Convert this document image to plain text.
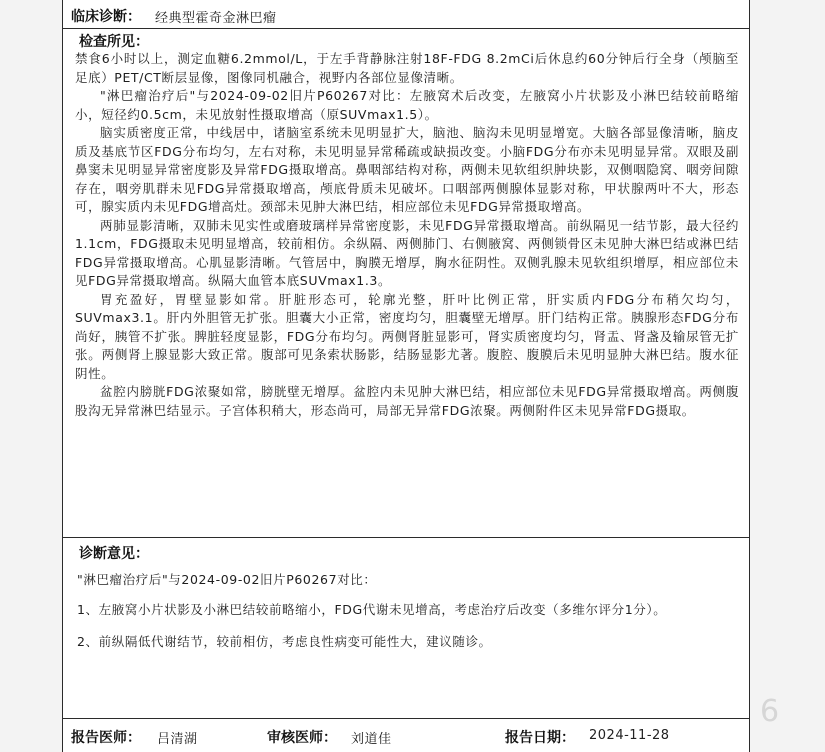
临床诊断： 经典型霍奇金淋巴瘤
检查所见：

禁食6小时以上，测定血糖6.2mmol/L，于左手背静脉注射18F-FDG 8.2mCi后休息约60分钟后行全身（颅脑至足底）PET/CT断层显像，图像同机融合，视野内各部位显像清晰。

"淋巴瘤治疗后"与2024-09-02旧片P60267对比：左腋窝术后改变，左腋窝小片状影及小淋巴结较前略缩小，短径约0.5cm，未见放射性摄取增高（原SUVmax1.5）。

脑实质密度正常，中线居中，诸脑室系统未见明显扩大，脑池、脑沟未见明显增宽。大脑各部显像清晰，脑皮质及基底节区FDG分布均匀，左右对称，未见明显异常稀疏或缺损改变。小脑FDG分布亦未见明显异常。双眼及副鼻窦未见明显异常密度影及异常FDG摄取增高。鼻咽部结构对称，两侧未见软组织肿块影，双侧咽隐窝、咽旁间隙存在，咽旁肌群未见FDG异常摄取增高，颅底骨质未见破坏。口咽部两侧腺体显影对称，甲状腺两叶不大，形态可，腺实质内未见FDG增高灶。颈部未见肿大淋巴结，相应部位未见FDG异常摄取增高。

两肺显影清晰，双肺未见实性或磨玻璃样异常密度影，未见FDG异常摄取增高。前纵隔见一结节影，最大径约1.1cm，FDG摄取未见明显增高，较前相仿。余纵隔、两侧肺门、右侧腋窝、两侧锁骨区未见肿大淋巴结或淋巴结FDG异常摄取增高。心肌显影清晰。气管居中，胸膜无增厚，胸水征阴性。双侧乳腺未见软组织增厚，相应部位未见FDG异常摄取增高。纵隔大血管本底SUVmax1.3。

胃充盈好，胃壁显影如常。肝脏形态可，轮廓光整，肝叶比例正常，肝实质内FDG分布稍欠均匀，SUVmax3.1。肝内外胆管无扩张。胆囊大小正常，密度均匀，胆囊壁无增厚。肝门结构正常。胰腺形态FDG分布尚好，胰管不扩张。脾脏轻度显影，FDG分布均匀。两侧肾脏显影可，肾实质密度均匀，肾盂、肾盏及输尿管无扩张。两侧肾上腺显影大致正常。腹部可见条索状肠影，结肠显影尤著。腹腔、腹膜后未见明显肿大淋巴结。腹水征阴性。

盆腔内膀胱FDG浓聚如常，膀胱壁无增厚。盆腔内未见肿大淋巴结，相应部位未见FDG异常摄取增高。两侧腹股沟无异常淋巴结显示。子宫体积稍大，形态尚可，局部无异常FDG浓聚。两侧附件区未见异常FDG摄取。

诊断意见：

"淋巴瘤治疗后"与2024-09-02旧片P60267对比：

1、左腋窝小片状影及小淋巴结较前略缩小，FDG代谢未见增高，考虑治疗后改变（多维尔评分1分）。

2、前纵隔低代谢结节，较前相仿，考虑良性病变可能性大，建议随诊。

报告医师： 吕清湖	审核医师： 刘道佳	报告日期： 2024-11-28
6
